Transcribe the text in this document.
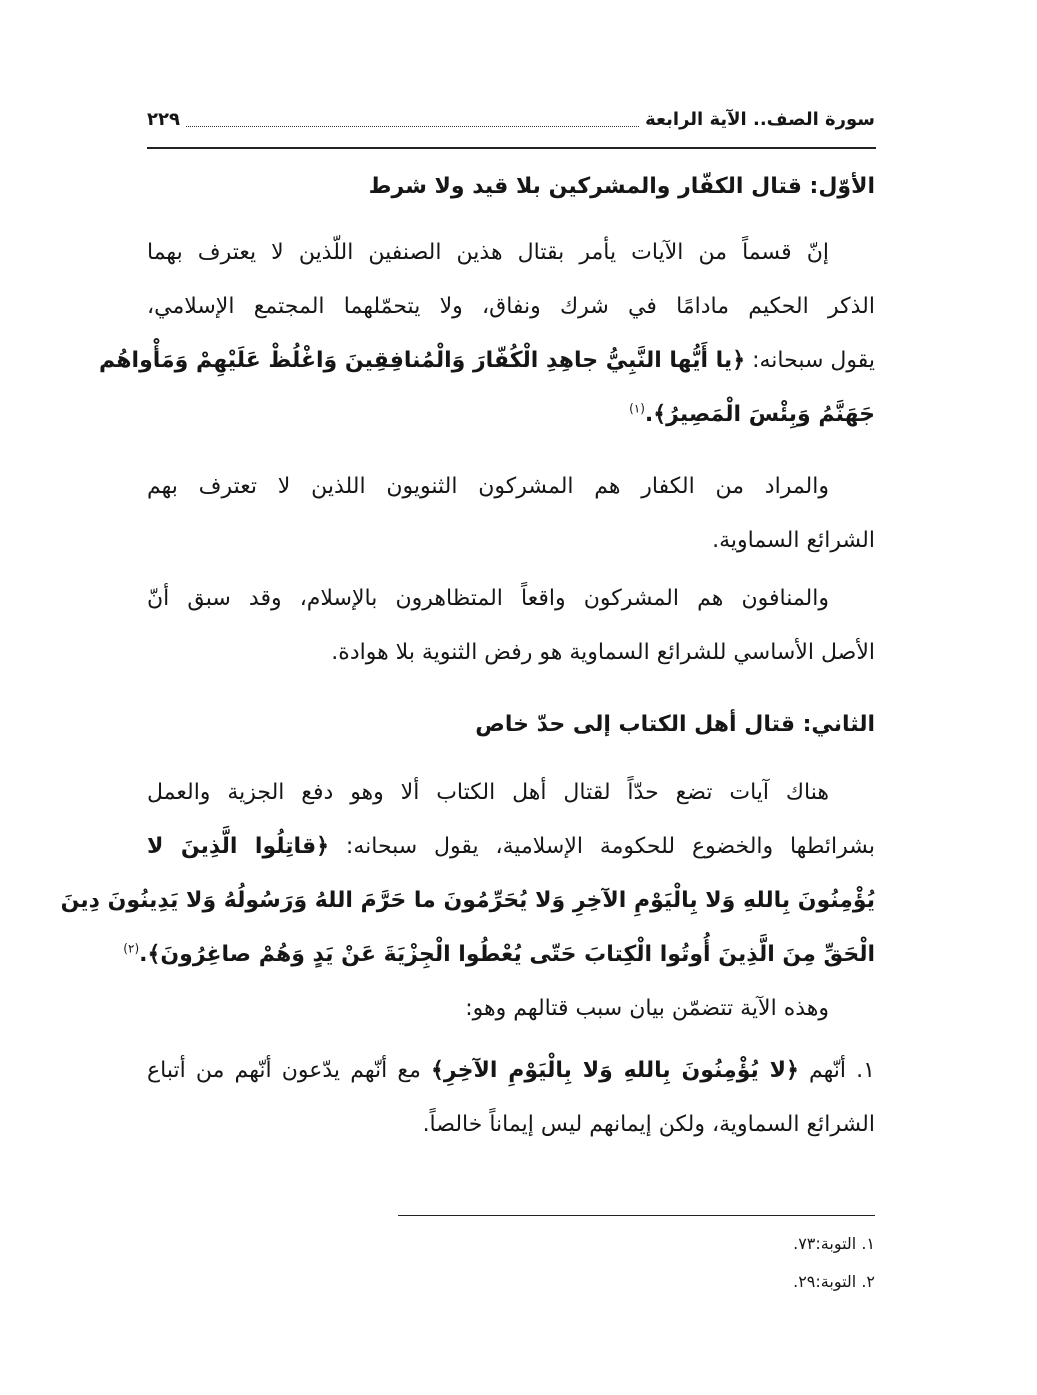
سورة الصف.. الآية الرابعة
٢٢٩
الأوّل: قتال الكفّار والمشركين بلا قيد ولا شرط
إنّ قسماً من الآيات يأمر بقتال هذين الصنفين اللّذين لا يعترف بهما
الذكر الحكيم مادامًا في شرك ونفاق، ولا يتحمّلهما المجتمع الإسلامي،
يقول سبحانه: ﴿يا أَيُّها النَّبِيُّ جاهِدِ الْكُفّارَ وَالْمُنافِقِينَ وَاغْلُظْ عَلَيْهِمْ وَمَأْواهُم
جَهَنَّمُ وَبِئْسَ الْمَصِيرُ﴾.$^{(١)}$
والمراد من الكفار هم المشركون الثنويون اللذين لا تعترف بهم
الشرائع السماوية.
والمنافون هم المشركون واقعاً المتظاهرون بالإسلام، وقد سبق أنّ
الأصل الأساسي للشرائع السماوية هو رفض الثنوية بلا هوادة.
الثاني: قتال أهل الكتاب إلى حدّ خاص
هناك آيات تضع حدّاً لقتال أهل الكتاب ألا وهو دفع الجزية والعمل
بشرائطها والخضوع للحكومة الإسلامية، يقول سبحانه: ﴿قاتِلُوا الَّذِينَ لا
يُؤْمِنُونَ بِاللهِ وَلا بِالْيَوْمِ الآخِرِ وَلا يُحَرِّمُونَ ما حَرَّمَ اللهُ وَرَسُولُهُ وَلا يَدِينُونَ دِينَ
الْحَقِّ مِنَ الَّذِينَ أُوتُوا الْكِتابَ حَتّى يُعْطُوا الْجِزْيَةَ عَنْ يَدٍ وَهُمْ صاغِرُونَ﴾.$^{(٢)}$
وهذه الآية تتضمّن بيان سبب قتالهم وهو:
١. أنّهم ﴿لا يُؤْمِنُونَ بِاللهِ وَلا بِالْيَوْمِ الآخِرِ﴾ مع أنّهم يدّعون أنّهم من أتباع
الشرائع السماوية، ولكن إيمانهم ليس إيماناً خالصاً.
١. التوبة:٧٣.
٢. التوبة:٢٩.
